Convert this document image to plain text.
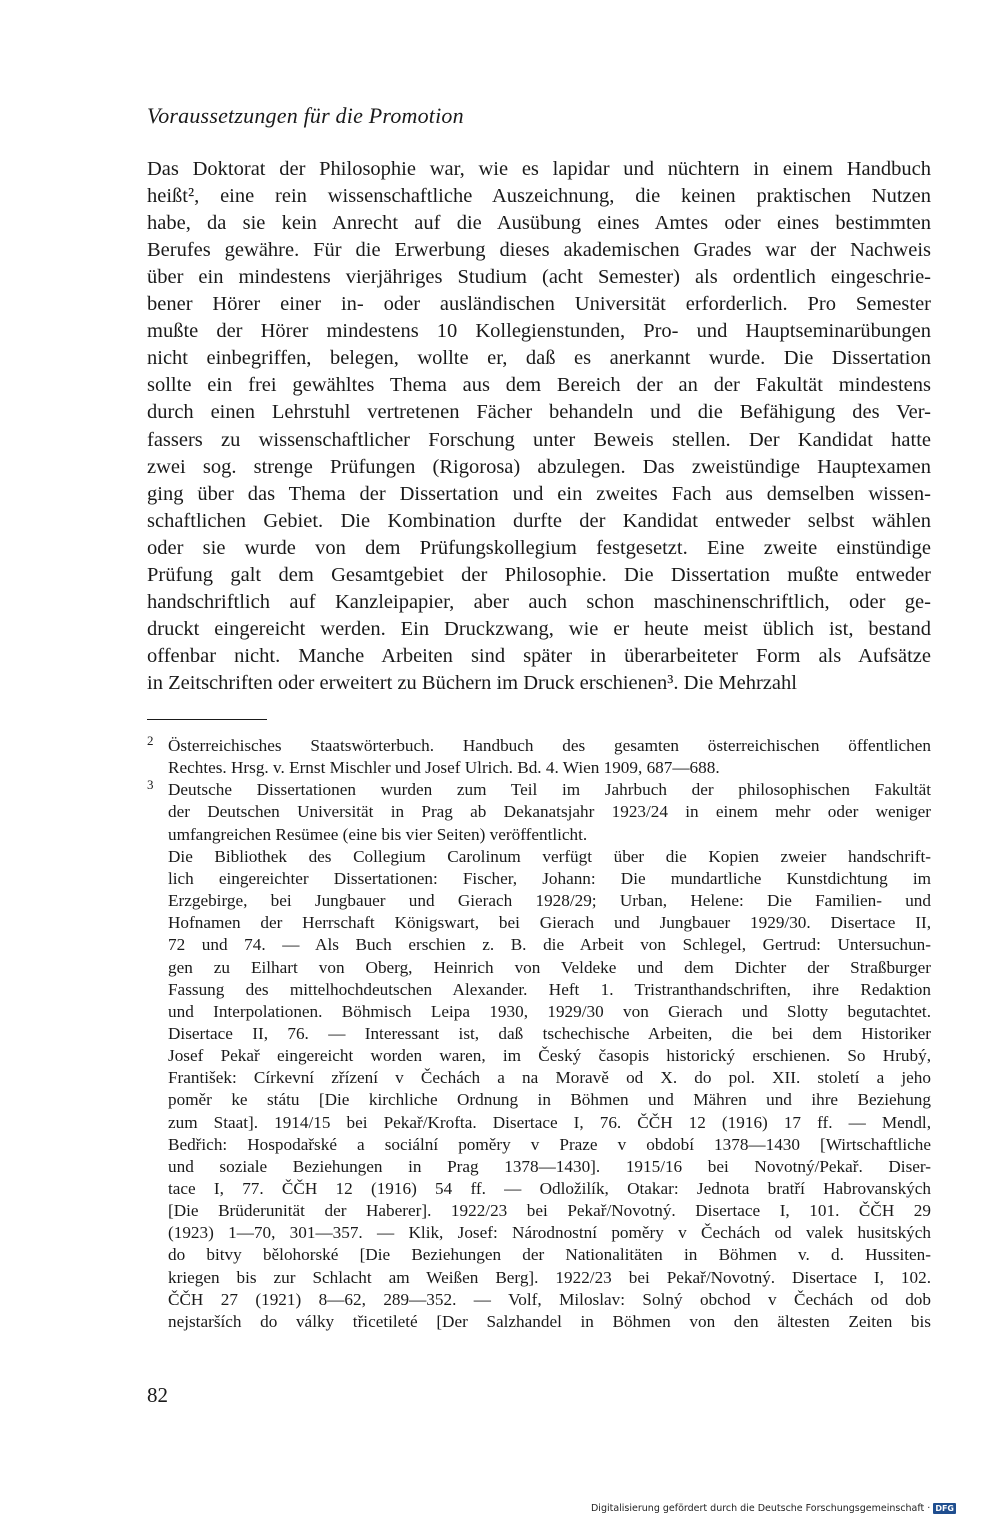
Voraussetzungen für die Promotion
Das Doktorat der Philosophie war, wie es lapidar und nüchtern in einem Handbuch
heißt², eine rein wissenschaftliche Auszeichnung, die keinen praktischen Nutzen
habe, da sie kein Anrecht auf die Ausübung eines Amtes oder eines bestimmten
Berufes gewähre. Für die Erwerbung dieses akademischen Grades war der Nachweis
über ein mindestens vierjähriges Studium (acht Semester) als ordentlich eingeschrie-
bener Hörer einer in- oder ausländischen Universität erforderlich. Pro Semester
mußte der Hörer mindestens 10 Kollegienstunden, Pro- und Hauptseminarübungen
nicht einbegriffen, belegen, wollte er, daß es anerkannt wurde. Die Dissertation
sollte ein frei gewähltes Thema aus dem Bereich der an der Fakultät mindestens
durch einen Lehrstuhl vertretenen Fächer behandeln und die Befähigung des Ver-
fassers zu wissenschaftlicher Forschung unter Beweis stellen. Der Kandidat hatte
zwei sog. strenge Prüfungen (Rigorosa) abzulegen. Das zweistündige Hauptexamen
ging über das Thema der Dissertation und ein zweites Fach aus demselben wissen-
schaftlichen Gebiet. Die Kombination durfte der Kandidat entweder selbst wählen
oder sie wurde von dem Prüfungskollegium festgesetzt. Eine zweite einstündige
Prüfung galt dem Gesamtgebiet der Philosophie. Die Dissertation mußte entweder
handschriftlich auf Kanzleipapier, aber auch schon maschinenschriftlich, oder ge-
druckt eingereicht werden. Ein Druckzwang, wie er heute meist üblich ist, bestand
offenbar nicht. Manche Arbeiten sind später in überarbeiteter Form als Aufsätze
in Zeitschriften oder erweitert zu Büchern im Druck erschienen³. Die Mehrzahl
2 Österreichisches Staatswörterbuch. Handbuch des gesamten österreichischen öffentlichen
Rechtes. Hrsg. v. Ernst Mischler und Josef Ulrich. Bd. 4. Wien 1909, 687—688.
3 Deutsche Dissertationen wurden zum Teil im Jahrbuch der philosophischen Fakultät
der Deutschen Universität in Prag ab Dekanatsjahr 1923/24 in einem mehr oder weniger
umfangreichen Resümee (eine bis vier Seiten) veröffentlicht.
Die Bibliothek des Collegium Carolinum verfügt über die Kopien zweier handschrift-
lich eingereichter Dissertationen: Fischer, Johann: Die mundartliche Kunstdichtung im
Erzgebirge, bei Jungbauer und Gierach 1928/29; Urban, Helene: Die Familien- und
Hofnamen der Herrschaft Königswart, bei Gierach und Jungbauer 1929/30. Disertace II,
72 und 74. — Als Buch erschien z. B. die Arbeit von Schlegel, Gertrud: Untersuchun-
gen zu Eilhart von Oberg, Heinrich von Veldeke und dem Dichter der Straßburger
Fassung des mittelhochdeutschen Alexander. Heft 1. Tristranthandschriften, ihre Redaktion
und Interpolationen. Böhmisch Leipa 1930, 1929/30 von Gierach und Slotty begutachtet.
Disertace II, 76. — Interessant ist, daß tschechische Arbeiten, die bei dem Historiker
Josef Pekař eingereicht worden waren, im Český časopis historický erschienen. So Hrubý,
František: Církevní zřízení v Čechách a na Moravě od X. do pol. XII. století a jeho
poměr ke státu [Die kirchliche Ordnung in Böhmen und Mähren und ihre Beziehung
zum Staat]. 1914/15 bei Pekař/Krofta. Disertace I, 76. ČČH 12 (1916) 17 ff. — Mendl,
Bedřich: Hospodařské a sociální poměry v Praze v období 1378—1430 [Wirtschaftliche
und soziale Beziehungen in Prag 1378—1430]. 1915/16 bei Novotný/Pekař. Diser-
tace I, 77. ČČH 12 (1916) 54 ff. — Odložilík, Otakar: Jednota bratří Habrovanských
[Die Brüderunität der Haberer]. 1922/23 bei Pekař/Novotný. Disertace I, 101. ČČH 29
(1923) 1—70, 301—357. — Klik, Josef: Národnostní poměry v Čechách od valek husitských
do bitvy bělohorské [Die Beziehungen der Nationalitäten in Böhmen v. d. Hussiten-
kriegen bis zur Schlacht am Weißen Berg]. 1922/23 bei Pekař/Novotný. Disertace I, 102.
ČČH 27 (1921) 8—62, 289—352. — Volf, Miloslav: Solný obchod v Čechách od dob
nejstarších do války třicetileté [Der Salzhandel in Böhmen von den ältesten Zeiten bis
82
Digitalisierung gefördert durch die Deutsche Forschungsgemeinschaft · DFG
